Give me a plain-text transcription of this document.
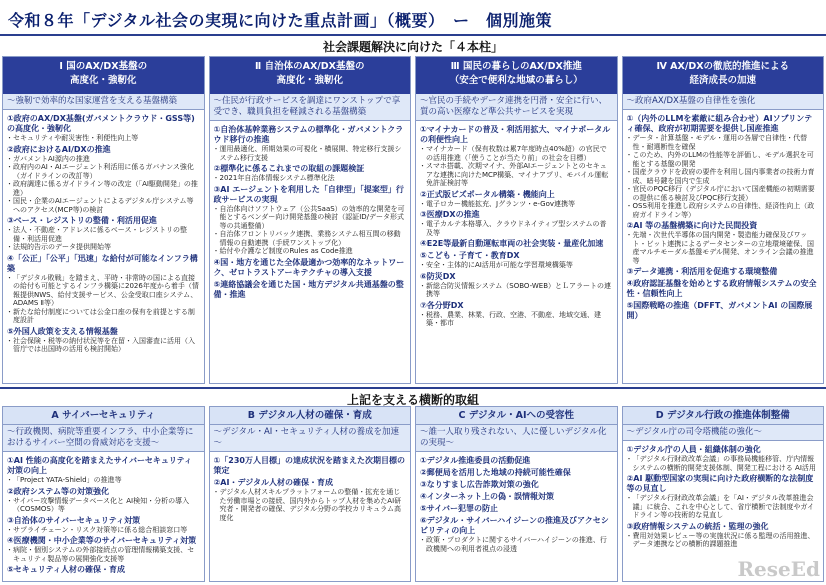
令和８年「デジタル社会の実現に向けた重点計画」（概要）　ー　個別施策
社会課題解決に向けた「４本柱」
Ⅰ 国のAX/DX基盤の
高度化・強靭化
～強靭で効率的な国家運営を支える基盤構築
①政府のAX/DX基盤(ガバメントクラウド・GSS等)の高度化・強靭化
・ セキュリティや耐災害性・利便性向上等
②政府におけるAI/DXの推進
・ ガバメントAI源内の推進
・ 政府内のAI・AIエージェント利活用に係るガバナンス強化（ガイドラインの改訂等）
・ 政府調達に係るガイドライン等の改定（「AI駆動開発」の推進）
・ 国民・企業のAIエージェントによるデジタル庁システム等へのアクセス(MCP等)の検討
③ベース・レジストリの整備・利活用促進
・ 法人・不動産・アドレスに係るベース・レジストリの整備・利活用促進
・ 法規的告示のデータ提供開始等
④「公正」「公平」「迅速」な給付が可能なインフラ構築
・ 「デジタル敗戦」を踏まえ、平時・非常時の国による直接の給付も可能とするインフラ構築に2026年度から着手（情報提供NWS、給付支援サービス、公金受取口座システム、ADAMS Ⅱ等）
・ 新たな給付制度については公金口座の保有を前提とする制度設計
⑤外国人政策を支える情報基盤
・ 社会保険・税等の納付状況等を在留・入国審査に活用（入管庁では出国時の活用も検討開始）
Ⅱ 自治体のAX/DX基盤の
高度化・強靭化
～住民が行政サービスを調達にワンストップで享受でき、職員負担を軽減される基盤構築
①自治体基幹業務システムの標準化・ガバメントクラウド移行の推進
・ 運用最適化、所期効果の可視化・横展開、特定移行支援システム移行支援
②標準化に係るこれまでの取組の課題検証
・ 2021年自治体情報システム標準化法
③AI エージェントを利用した「自律型」「提案型」行政サービスの実現
・ 自治体向けソフトウェア（公共SaaS）の効率的な開発を可能とするベンダー向け開発基盤の検討（認証ID/データ形式等の共通整備）
・ 自治体フロントリバック連携、業務システム相互間の移動情報の自動連携（手続ワンストップ化）
・ 給付や介護など制度のRules as Code推進
④国・地方を通じた全体最適かつ効率的なネットワーク、ゼロトラストアーキテクチャの導入支援
⑤連絡協議会を通じた国・地方デジタル共通基盤の整備・推進
Ⅲ 国民の暮らしのAX/DX推進
（安全で便利な地域の暮らし）
～官民の手続やデータ連携を円滑・安全に行い、質の高い医療など準公共サービスを実現
①マイナカードの普及・利活用拡大、マイナポータルの利便性向上
・ マイナカード（保有枚数は累7年度時点40%超）の官民での活用推進（「使うことが当たり前」の社会を目標）
・ スマホ搭載、次期マイナ、外部AIエージェントとのセキュアな連携に向けたMCP構築、マイナアプリ、モバイル運転免許証検討等
②正式版ビズポータル構築・機能向上
・ 電子ロカー機能拡充、Jグランツ・e-Gov連携等
③医療DXの推進
・ 電子カルテ本格導入、クラウドネイティブ型システムの普及等
④E2E等最新自動運転車両の社会実装・量産化加速
⑤こども・子育て・教育DX
・ 安全・主体的にAI活用が可能な学習環境構築等
⑥防災DX
・ 新総合防災情報システム（SOBO-WEB）とＬアラートの連携等
⑦各分野DX
・ 税務、農業、林業、行政、空港、不動産、地域交通、建築・都市
Ⅳ AX/DXの徹底的推進による
経済成長の加速
～政府AX/DX基盤の自律性を強化
①（内外のLLMを素敵に組み合わせ）AIソブリンティ確保、政府が初期需要を提供し国産推進
・ データ・計算基盤・モデル・運用の各層で自律性・代替性・耐選断性を確保
・ このため、内外のLLMの性能等を評価し、モデル選択を可能とする基盤の開発
・ 国産クラウドを政府の要件を利用し国内事業者の技術力育成、暗号鍵を国内で生成
・ 官民のPQC移行（デジタル庁において国産機能の初期需要の提供に係る検討及びPQC移行支援）
・ OSS利用を推進し政府システムの自律性、経済性向上（政府ガイドライン等）
②AI 等の基盤構築に向けた民間投資
・ 先端・次世代半導体の国内開発・製造能力確保及びワット・ビット連携によるデータセンターの立地環境確保、国産マルチモーダル基盤モデル開発、オンライン会議の推進等
③データ連携・利活用を促進する環境整備
④政府認証基盤を始めとする政府情報システムの安全性・信頼性向上
⑤国際戦略の推進（DFFT、ガバメントAI の国際展開）
上記を支える横断的取組
A サイバーセキュリティ
～行政機関、病院等重要インフラ、中小企業等におけるサイバー空間の脅威対応を支援～
①AI 性能の高度化を踏まえたサイバーセキュリティ対策の向上
・ 「Project YATA-Shield」の推進等
②政府システム等の対策強化
・ サイバー攻撃情報データベース化と AI検知・分析の導入（COSMOS）等
③自治体のサイバーセキュリティ対策
・ サプライチェーン・リスク対策等に係る総合相談窓口等
④医療機関・中小企業等のサイバーセキュリティ対策
・ 病院・個別システムの外部接続点の管理情報構築支援、セキュリティ製品等の展開強化支援等
⑤セキュリティ人材の確保・育成
B デジタル人材の確保・育成
～デジタル・AI・セキュリティ人材の養成を加速～
①「230万人目標」の達成状況を踏まえた次期目標の策定
②AI・デジタル人材の確保・育成
・ デジタル人材スキルプラットフォームの整備・拡充を通じた労働市場との接続、国内外からトップ人材を集めたAI研究者・開発者の確保、デジタル分野の学校カリキュラム高度化
C デジタル・AIへの受容性
～誰一人取り残されない、人に優しいデジタル化の実現～
①デジタル推進委員の活動促進
②郵便局を活用した地域の持続可能性確保
③なりすまし広告詐欺対策の強化
④インターネット上の偽・誤情報対策
⑤サイバー犯罪の防止
⑥デジタル・サイバーハイジーンの推進及びアクセシビリティの向上
・ 政策・プロダクトに関するサイバーハイジーンの推進、行政機関への利用者視点の浸透
D デジタル行政の推進体制整備
～デジタル庁の司令塔機能の強化～
①デジタル庁の人員・組織体制の強化
・ 「デジタル行財政改革会議」の事務局機能移管、庁内情報システムの横断的開発支援体制、開発工程における AI活用
②AI 駆動型国家の実現に向けた政府横断的な法制度等の見直し
・ 「デジタル行財政改革会議」を「AI・デジタル改革推進会議」に統合、これを中心として、省庁横断で法制度やガイドライン等の技術的な見直し
③政府情報システムの統括・監理の強化
・ 費用対効果レビュー等の実施状況に係る監理の活用推進、データ連携などの横断的課題推進
ReseEd
